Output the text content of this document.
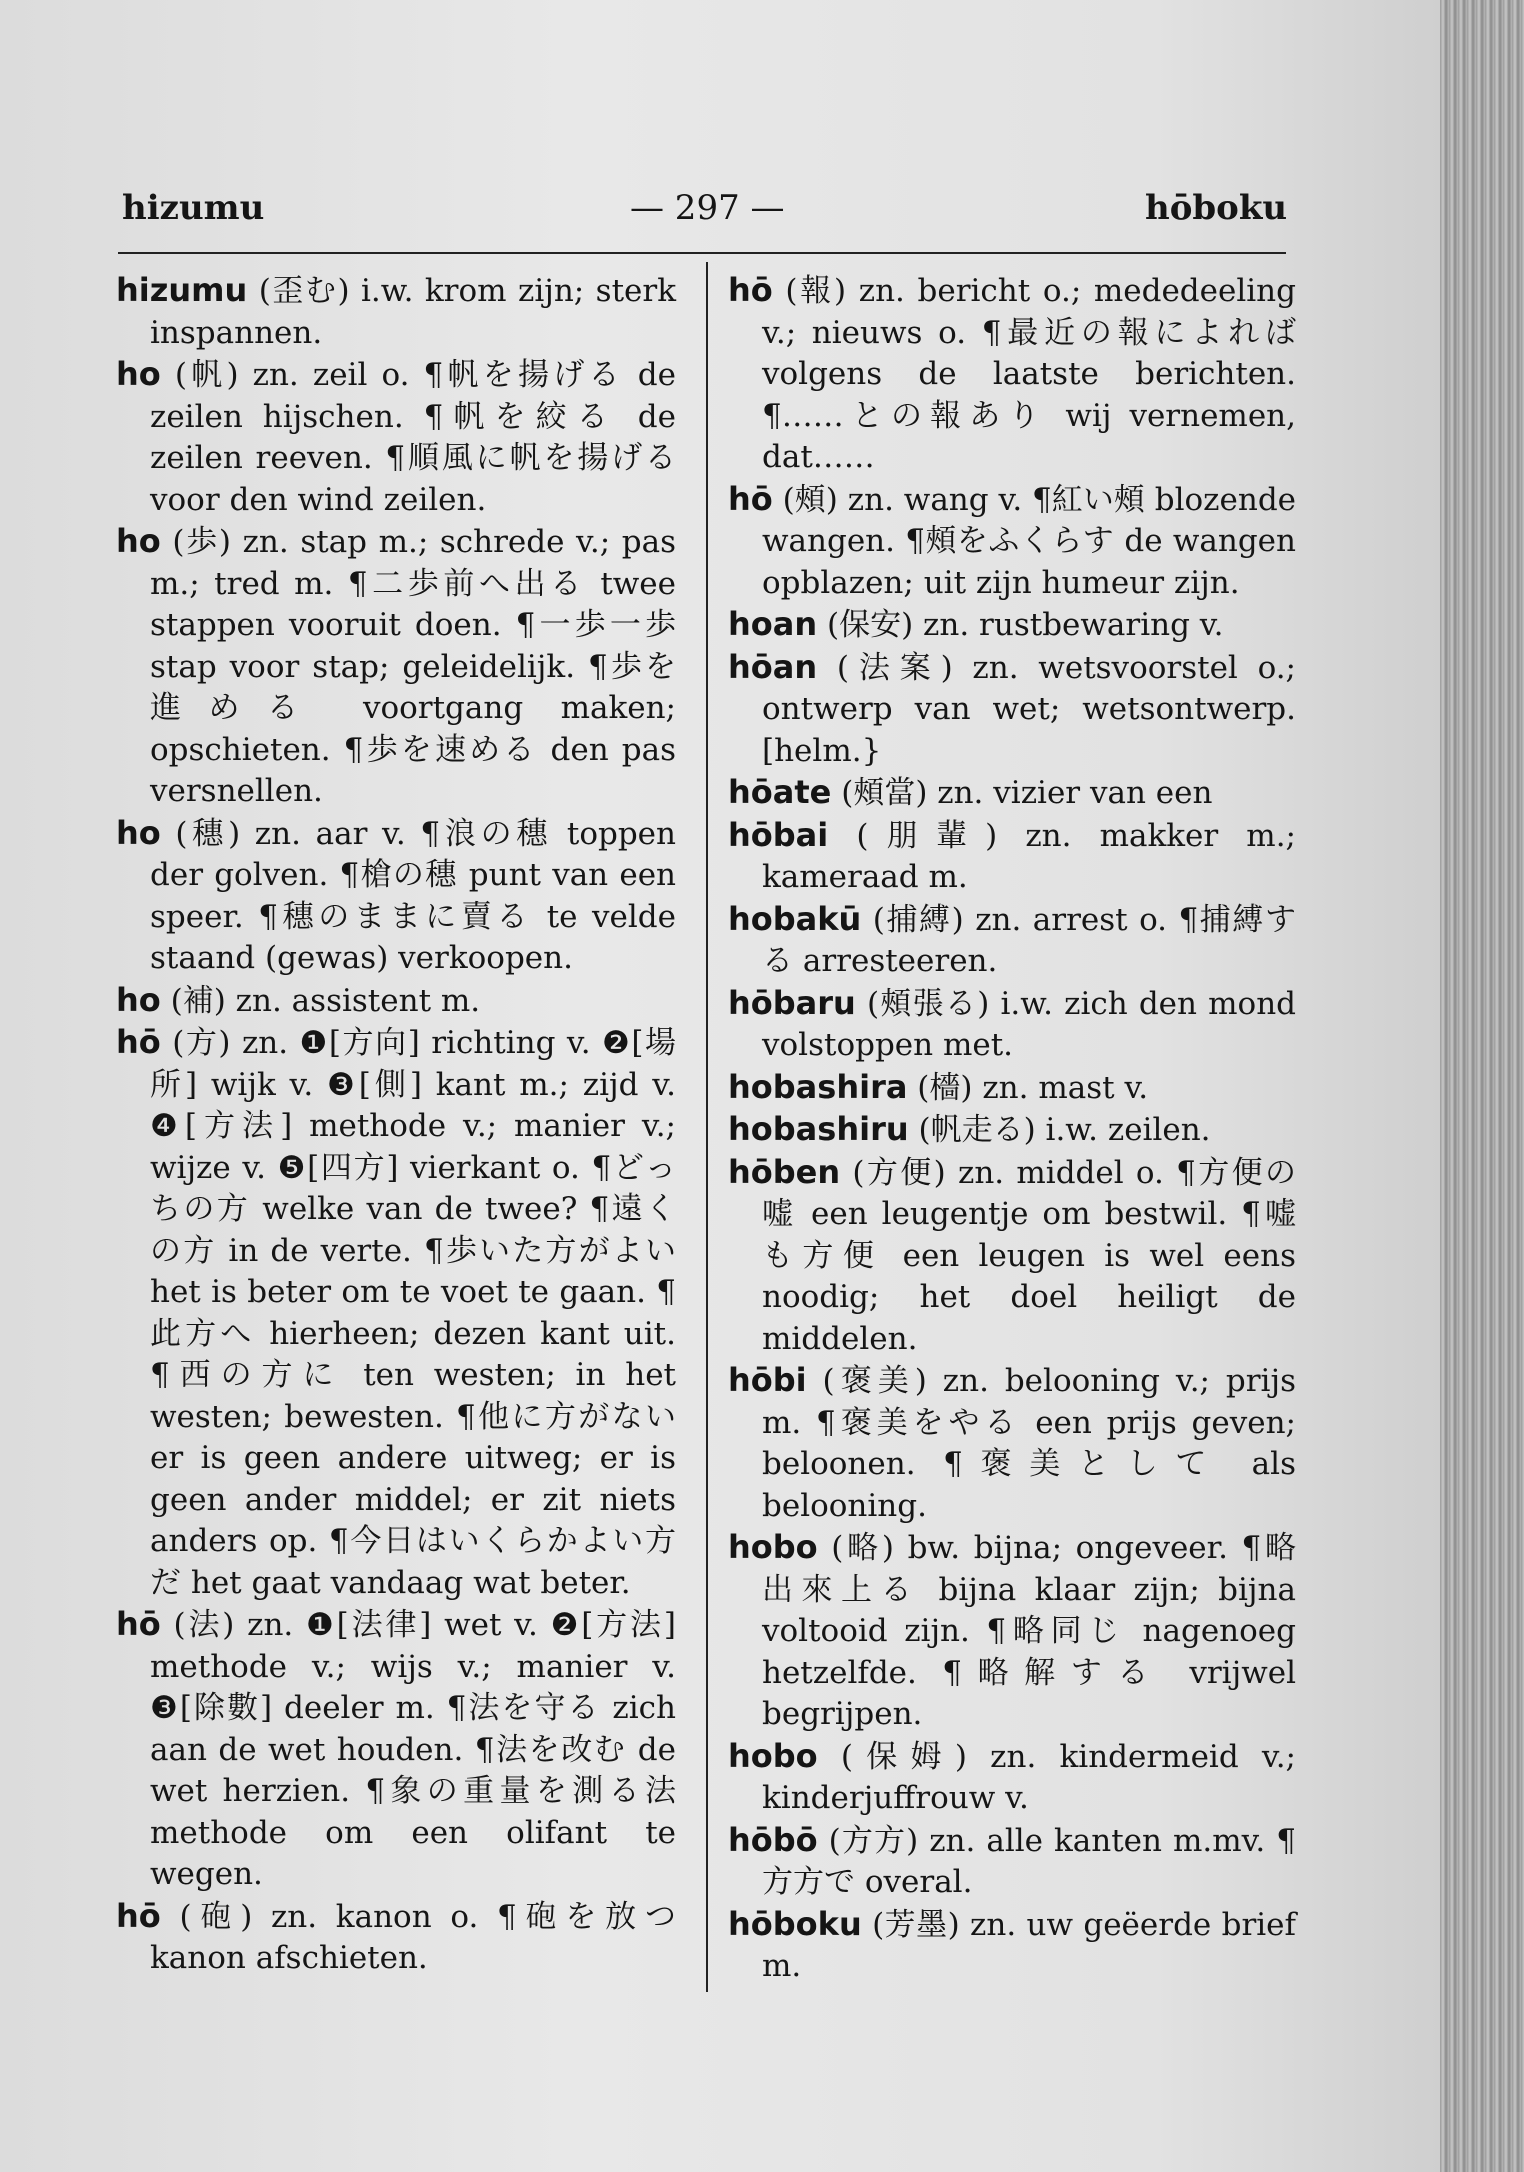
hizumu	— 297 —	hōboku

hizumu (歪む) i.w. krom zijn; sterk inspannen.

ho (帆) zn. zeil o. ¶帆を揚げる de zeilen hijschen. ¶帆を絞る de zeilen reeven. ¶順風に帆を揚げる voor den wind zeilen.

ho (歩) zn. stap m.; schrede v.; pas m.; tred m. ¶二歩前へ出る twee stappen vooruit doen. ¶一歩一歩 stap voor stap; geleidelijk. ¶歩を進める voortgang maken; opschieten. ¶歩を速める den pas versnellen.

ho (穗) zn. aar v. ¶浪の穗 toppen der golven. ¶槍の穗 punt van een speer. ¶穗のままに賣る te velde staand (gewas) verkoopen.

ho (補) zn. assistent m.

hō (方) zn. ❶[方向] richting v. ❷[場所] wijk v. ❸[側] kant m.; zijd v. ❹[方法] methode v.; manier v.; wijze v. ❺[四方] vierkant o. ¶どっちの方 welke van de twee? ¶遠くの方 in de verte. ¶歩いた方がよい het is beter om te voet te gaan. ¶此方へ hierheen; dezen kant uit. ¶西の方に ten westen; in het westen; bewesten. ¶他に方がない er is geen andere uitweg; er is geen ander middel; er zit niets anders op. ¶今日はいくらかよい方だ het gaat vandaag wat beter.

hō (法) zn. ❶[法律] wet v. ❷[方法] methode v.; wijs v.; manier v. ❸[除數] deeler m. ¶法を守る zich aan de wet houden. ¶法を改む de wet herzien. ¶象の重量を測る法 methode om een olifant te wegen.

hō (砲) zn. kanon o. ¶砲を放つ kanon afschieten.

hō (報) zn. bericht o.; mededeeling v.; nieuws o. ¶最近の報によれば volgens de laatste berichten. ¶……との報あり wij vernemen, dat……

hō (頰) zn. wang v. ¶紅い頰 blozende wangen. ¶頰をふくらす de wangen opblazen; uit zijn humeur zijn.

hoan (保安) zn. rustbewaring v.

hōan (法案) zn. wetsvoorstel o.; ontwerp van wet; wetsontwerp. [helm.}

hōate (頰當) zn. vizier van een

hōbai (朋輩) zn. makker m.; kameraad m.

hobakū (捕縛) zn. arrest o. ¶捕縛する arresteeren.

hōbaru (頰張る) i.w. zich den mond volstoppen met.

hobashira (檣) zn. mast v.

hobashiru (帆走る) i.w. zeilen.

hōben (方便) zn. middel o. ¶方便の嘘 een leugentje om bestwil. ¶嘘も方便 een leugen is wel eens noodig; het doel heiligt de middelen.

hōbi (褒美) zn. belooning v.; prijs m. ¶褒美をやる een prijs geven; beloonen. ¶褒美として als belooning.

hobo (略) bw. bijna; ongeveer. ¶略出來上る bijna klaar zijn; bijna voltooid zijn. ¶略同じ nagenoeg hetzelfde. ¶略解する vrijwel begrijpen.

hobo (保姆) zn. kindermeid v.; kinderjuffrouw v.

hōbō (方方) zn. alle kanten m.mv. ¶方方で overal.

hōboku (芳墨) zn. uw geëerde brief m.
